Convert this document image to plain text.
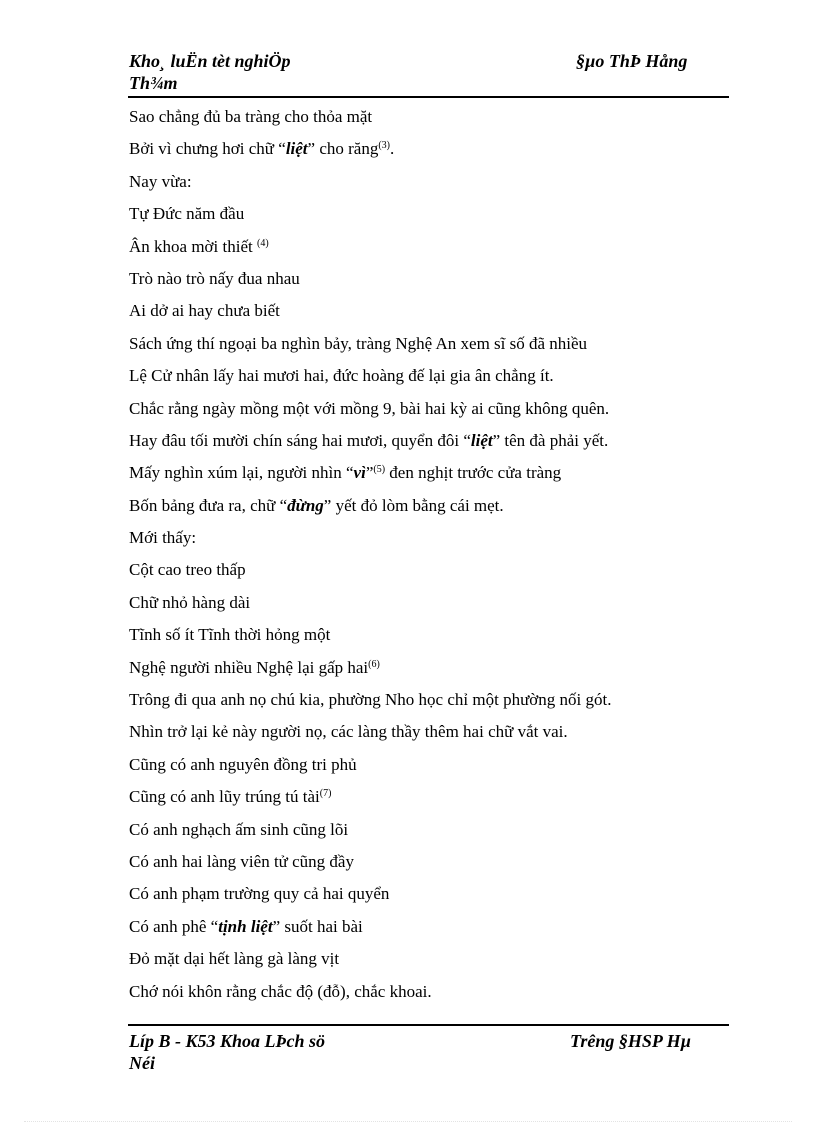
Kho¸ luËn tèt nghiÖp
Th¾m
§µo ThÞ Hång
Sao chẳng đủ ba tràng cho thỏa mặt
Bởi vì chưng hơi chữ “liệt” cho răng$^{(3)}$.
Nay vừa:
Tự Đức năm đầu
Ân khoa mời thiết $^{(4)}$
Trò nào trò nấy đua nhau
Ai dở ai hay chưa biết
Sách ứng thí ngoại ba nghìn bảy, tràng Nghệ An xem sĩ số đã nhiều
Lệ Cử nhân lấy hai mươi hai, đức hoàng đế lại gia ân chẳng ít.
Chắc rằng ngày mồng một với mồng 9, bài hai kỳ ai cũng không quên.
Hay đâu tối mười chín sáng hai mươi, quyển đôi “liệt” tên đà phải yết.
Mấy nghìn xúm lại, người nhìn “vì”$^{(5)}$ đen nghịt trước cửa tràng
Bốn bảng đưa ra, chữ “đừng” yết đỏ lòm bằng cái mẹt.
Mới thấy:
Cột cao treo thấp
Chữ nhỏ hàng dài
Tĩnh số ít Tĩnh thời hỏng một
Nghệ người nhiều Nghệ lại gấp hai$^{(6)}$
Trông đi qua anh nọ chú kia, phường Nho học chỉ một phường nối gót.
Nhìn trở lại kẻ này người nọ, các làng thầy thêm hai chữ vắt vai.
Cũng có anh nguyên đồng tri phủ
Cũng có anh lũy trúng tú tài$^{(7)}$
Có anh nghạch ấm sinh cũng lõi
Có anh hai làng viên tử cũng đầy
Có anh phạm trường quy cả hai quyển
Có anh phê “tịnh liệt” suốt hai bài
Đỏ mặt dại hết làng gà làng vịt
Chớ nói khôn rằng chắc độ (đỗ), chắc khoai.
Líp B - K53 Khoa LÞch sö
Néi
Trêng §HSP Hµ
